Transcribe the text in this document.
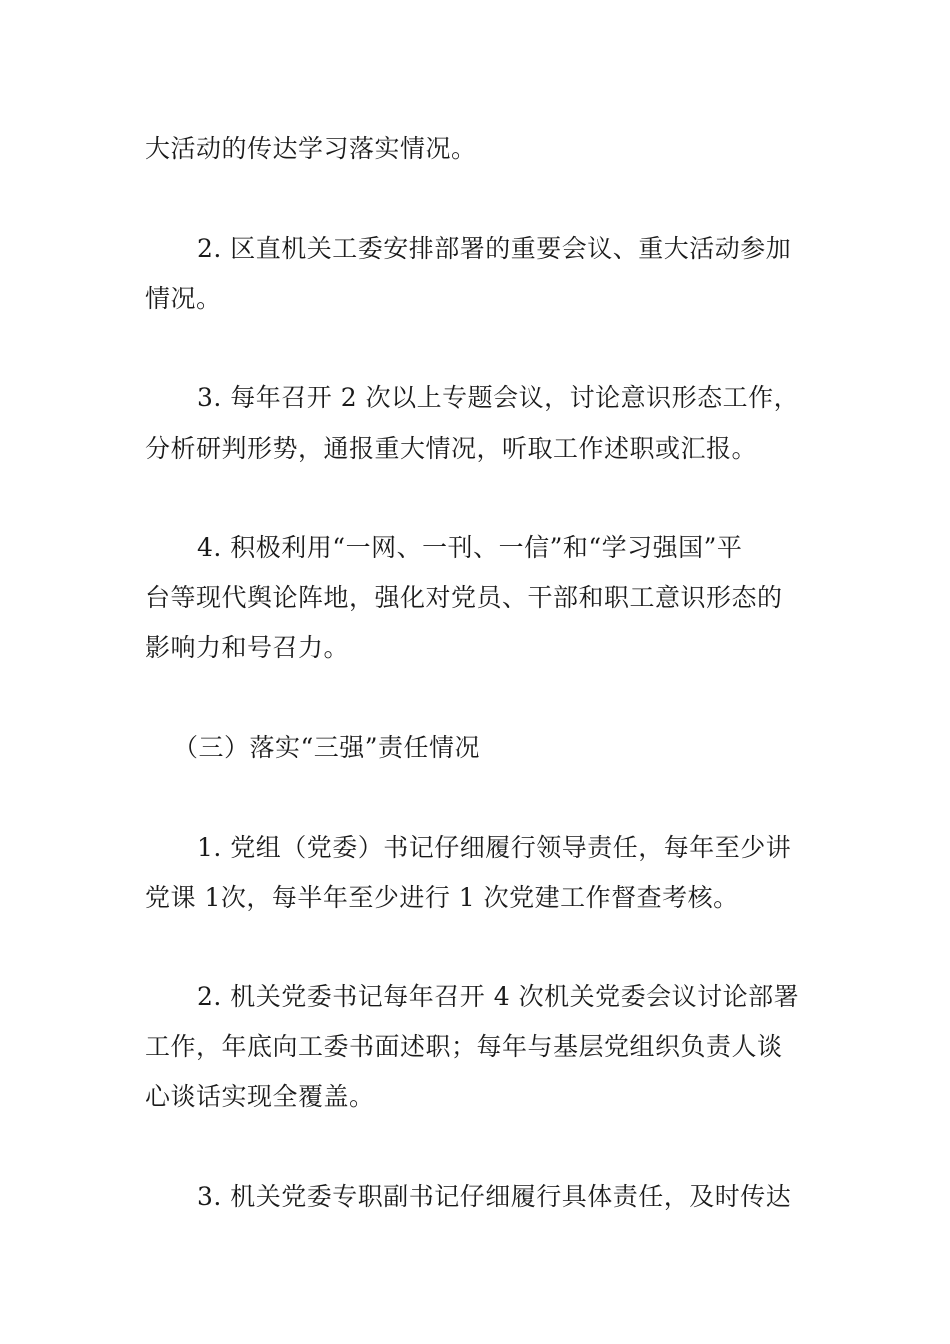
大活动的传达学习落实情况。
2. 区直机关工委安排部署的重要会议、重大活动参加
情况。
3. 每年召开 2 次以上专题会议，讨论意识形态工作，
分析研判形势，通报重大情况，听取工作述职或汇报。
4. 积极利用“一网、一刊、一信”和“学习强国”平
台等现代舆论阵地，强化对党员、干部和职工意识形态的
影响力和号召力。
（三）落实“三强”责任情况
1. 党组（党委）书记仔细履行领导责任，每年至少讲
党课 1次，每半年至少进行 1 次党建工作督查考核。
2. 机关党委书记每年召开 4 次机关党委会议讨论部署
工作，年底向工委书面述职；每年与基层党组织负责人谈
心谈话实现全覆盖。
3. 机关党委专职副书记仔细履行具体责任，及时传达
